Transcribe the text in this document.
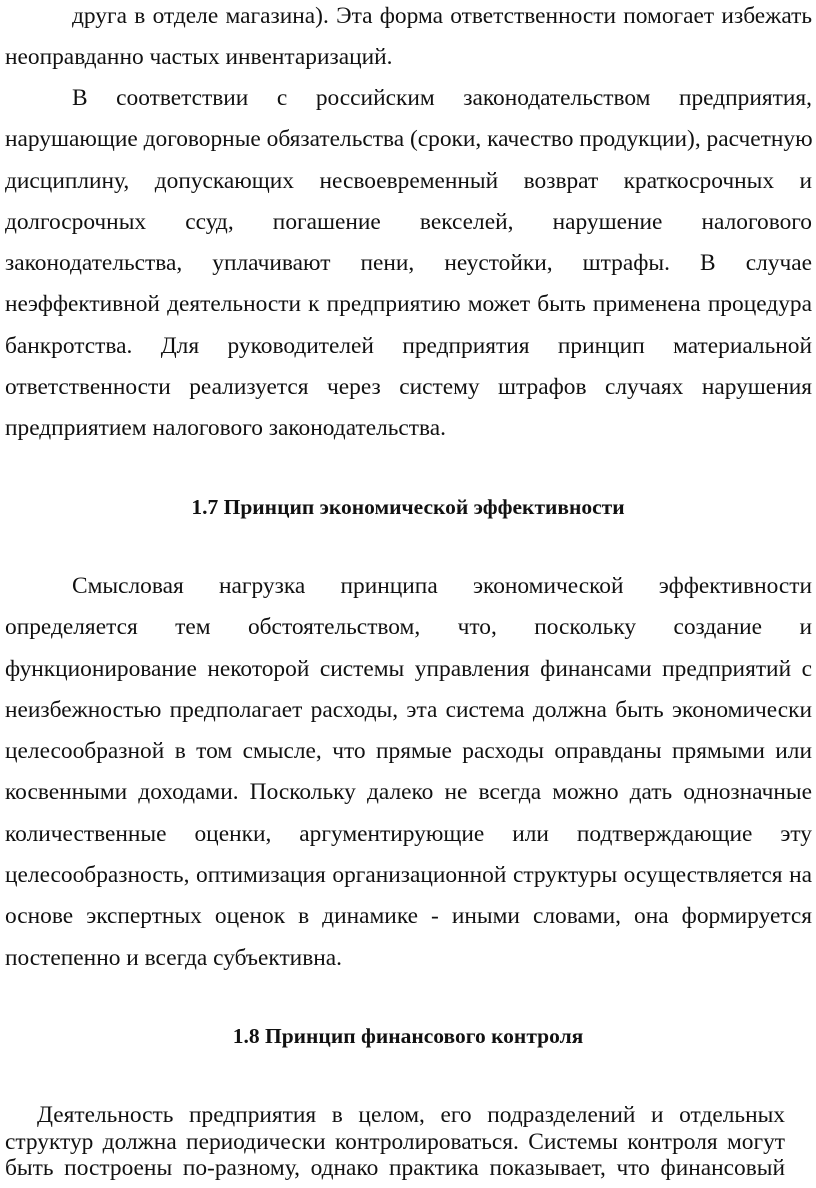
друга в отделе магазина). Эта форма ответственности помогает избежать
неоправданно частых инвентаризаций.

В соответствии с российским законодательством предприятия,
нарушающие договорные обязательства (сроки, качество продукции), расчетную
дисциплину, допускающих несвоевременный возврат краткосрочных и
долгосрочных ссуд, погашение векселей, нарушение налогового
законодательства, уплачивают пени, неустойки, штрафы. В случае
неэффективной деятельности к предприятию может быть применена процедура
банкротства. Для руководителей предприятия принцип материальной
ответственности реализуется через систему штрафов случаях нарушения
предприятием налогового законодательства.

1.7 Принцип экономической эффективности

Смысловая нагрузка принципа экономической эффективности
определяется тем обстоятельством, что, поскольку создание и
функционирование некоторой системы управления финансами предприятий с
неизбежностью предполагает расходы, эта система должна быть экономически
целесообразной в том смысле, что прямые расходы оправданы прямыми или
косвенными доходами. Поскольку далеко не всегда можно дать однозначные
количественные оценки, аргументирующие или подтверждающие эту
целесообразность, оптимизация организационной структуры осуществляется на
основе экспертных оценок в динамике - иными словами, она формируется
постепенно и всегда субъективна.

1.8 Принцип финансового контроля

Деятельность предприятия в целом, его подразделений и отдельных
структур должна периодически контролироваться. Системы контроля могут
быть построены по-разному, однако практика показывает, что финансовый
